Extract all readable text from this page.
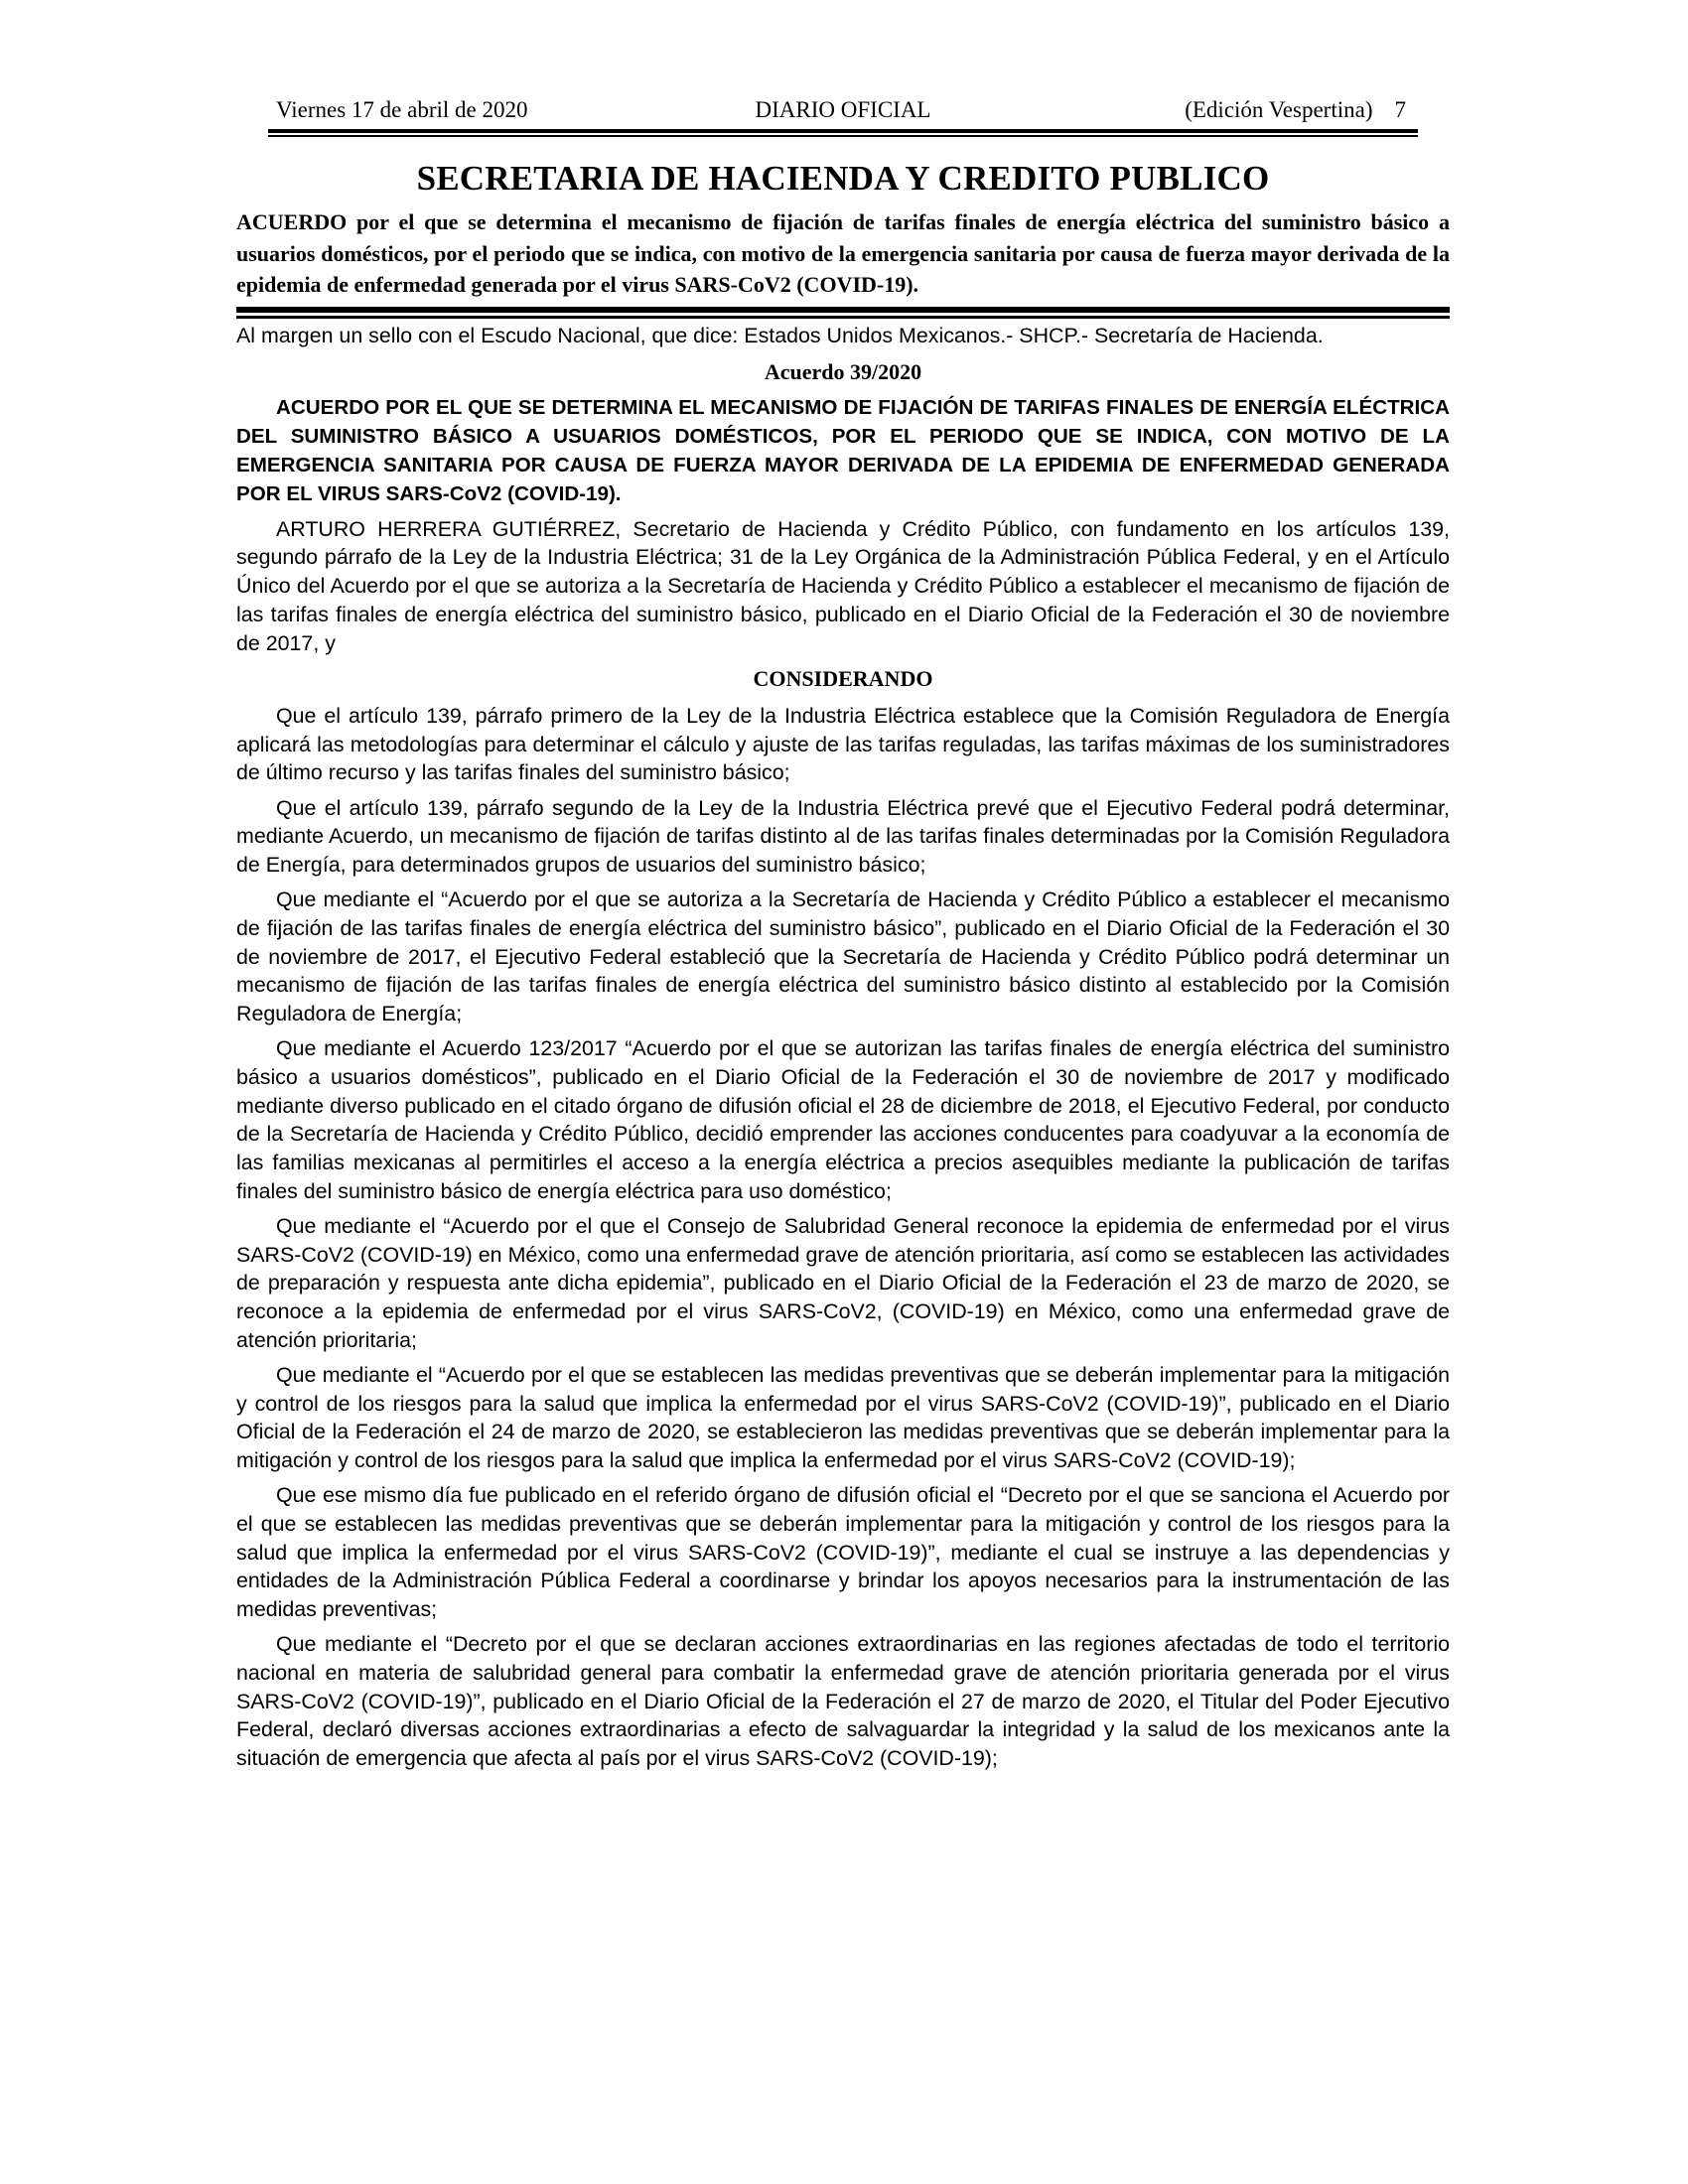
Viernes 17 de abril de 2020	DIARIO OFICIAL	(Edición Vespertina) 7
SECRETARIA DE HACIENDA Y CREDITO PUBLICO
ACUERDO por el que se determina el mecanismo de fijación de tarifas finales de energía eléctrica del suministro básico a usuarios domésticos, por el periodo que se indica, con motivo de la emergencia sanitaria por causa de fuerza mayor derivada de la epidemia de enfermedad generada por el virus SARS-CoV2 (COVID-19).

Al margen un sello con el Escudo Nacional, que dice: Estados Unidos Mexicanos.- SHCP.- Secretaría de Hacienda.

Acuerdo 39/2020

ACUERDO POR EL QUE SE DETERMINA EL MECANISMO DE FIJACIÓN DE TARIFAS FINALES DE ENERGÍA ELÉCTRICA DEL SUMINISTRO BÁSICO A USUARIOS DOMÉSTICOS, POR EL PERIODO QUE SE INDICA, CON MOTIVO DE LA EMERGENCIA SANITARIA POR CAUSA DE FUERZA MAYOR DERIVADA DE LA EPIDEMIA DE ENFERMEDAD GENERADA POR EL VIRUS SARS-CoV2 (COVID-19).

ARTURO HERRERA GUTIÉRREZ, Secretario de Hacienda y Crédito Público, con fundamento en los artículos 139, segundo párrafo de la Ley de la Industria Eléctrica; 31 de la Ley Orgánica de la Administración Pública Federal, y en el Artículo Único del Acuerdo por el que se autoriza a la Secretaría de Hacienda y Crédito Público a establecer el mecanismo de fijación de las tarifas finales de energía eléctrica del suministro básico, publicado en el Diario Oficial de la Federación el 30 de noviembre de 2017, y

CONSIDERANDO

Que el artículo 139, párrafo primero de la Ley de la Industria Eléctrica establece que la Comisión Reguladora de Energía aplicará las metodologías para determinar el cálculo y ajuste de las tarifas reguladas, las tarifas máximas de los suministradores de último recurso y las tarifas finales del suministro básico;

Que el artículo 139, párrafo segundo de la Ley de la Industria Eléctrica prevé que el Ejecutivo Federal podrá determinar, mediante Acuerdo, un mecanismo de fijación de tarifas distinto al de las tarifas finales determinadas por la Comisión Reguladora de Energía, para determinados grupos de usuarios del suministro básico;

Que mediante el “Acuerdo por el que se autoriza a la Secretaría de Hacienda y Crédito Público a establecer el mecanismo de fijación de las tarifas finales de energía eléctrica del suministro básico”, publicado en el Diario Oficial de la Federación el 30 de noviembre de 2017, el Ejecutivo Federal estableció que la Secretaría de Hacienda y Crédito Público podrá determinar un mecanismo de fijación de las tarifas finales de energía eléctrica del suministro básico distinto al establecido por la Comisión Reguladora de Energía;

Que mediante el Acuerdo 123/2017 “Acuerdo por el que se autorizan las tarifas finales de energía eléctrica del suministro básico a usuarios domésticos”, publicado en el Diario Oficial de la Federación el 30 de noviembre de 2017 y modificado mediante diverso publicado en el citado órgano de difusión oficial el 28 de diciembre de 2018, el Ejecutivo Federal, por conducto de la Secretaría de Hacienda y Crédito Público, decidió emprender las acciones conducentes para coadyuvar a la economía de las familias mexicanas al permitirles el acceso a la energía eléctrica a precios asequibles mediante la publicación de tarifas finales del suministro básico de energía eléctrica para uso doméstico;

Que mediante el “Acuerdo por el que el Consejo de Salubridad General reconoce la epidemia de enfermedad por el virus SARS-CoV2 (COVID-19) en México, como una enfermedad grave de atención prioritaria, así como se establecen las actividades de preparación y respuesta ante dicha epidemia”, publicado en el Diario Oficial de la Federación el 23 de marzo de 2020, se reconoce a la epidemia de enfermedad por el virus SARS-CoV2, (COVID-19) en México, como una enfermedad grave de atención prioritaria;

Que mediante el “Acuerdo por el que se establecen las medidas preventivas que se deberán implementar para la mitigación y control de los riesgos para la salud que implica la enfermedad por el virus SARS-CoV2 (COVID-19)”, publicado en el Diario Oficial de la Federación el 24 de marzo de 2020, se establecieron las medidas preventivas que se deberán implementar para la mitigación y control de los riesgos para la salud que implica la enfermedad por el virus SARS-CoV2 (COVID-19);

Que ese mismo día fue publicado en el referido órgano de difusión oficial el “Decreto por el que se sanciona el Acuerdo por el que se establecen las medidas preventivas que se deberán implementar para la mitigación y control de los riesgos para la salud que implica la enfermedad por el virus SARS-CoV2 (COVID-19)”, mediante el cual se instruye a las dependencias y entidades de la Administración Pública Federal a coordinarse y brindar los apoyos necesarios para la instrumentación de las medidas preventivas;

Que mediante el “Decreto por el que se declaran acciones extraordinarias en las regiones afectadas de todo el territorio nacional en materia de salubridad general para combatir la enfermedad grave de atención prioritaria generada por el virus SARS-CoV2 (COVID-19)”, publicado en el Diario Oficial de la Federación el 27 de marzo de 2020, el Titular del Poder Ejecutivo Federal, declaró diversas acciones extraordinarias a efecto de salvaguardar la integridad y la salud de los mexicanos ante la situación de emergencia que afecta al país por el virus SARS-CoV2 (COVID-19);
